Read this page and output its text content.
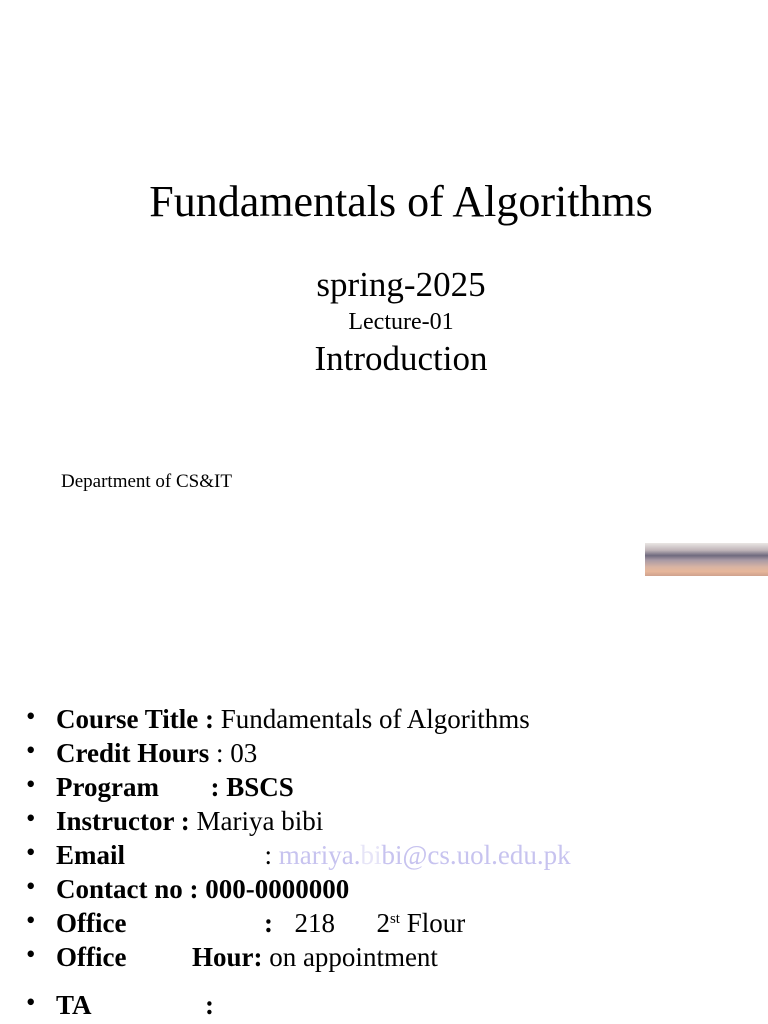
Fundamentals of Algorithms
spring-2025
Lecture-01
Introduction
Department of CS&IT
• Course Title : Fundamentals of Algorithms
• Credit Hours : 03
• Program : BSCS
• Instructor : Mariya bibi
• Email	: mariya.bibi@cs.uol.edu.pk
• Contact no : 000-0000000
• Office	: 218 2st Flour
• Office Hour: on appointment
• TA	:
